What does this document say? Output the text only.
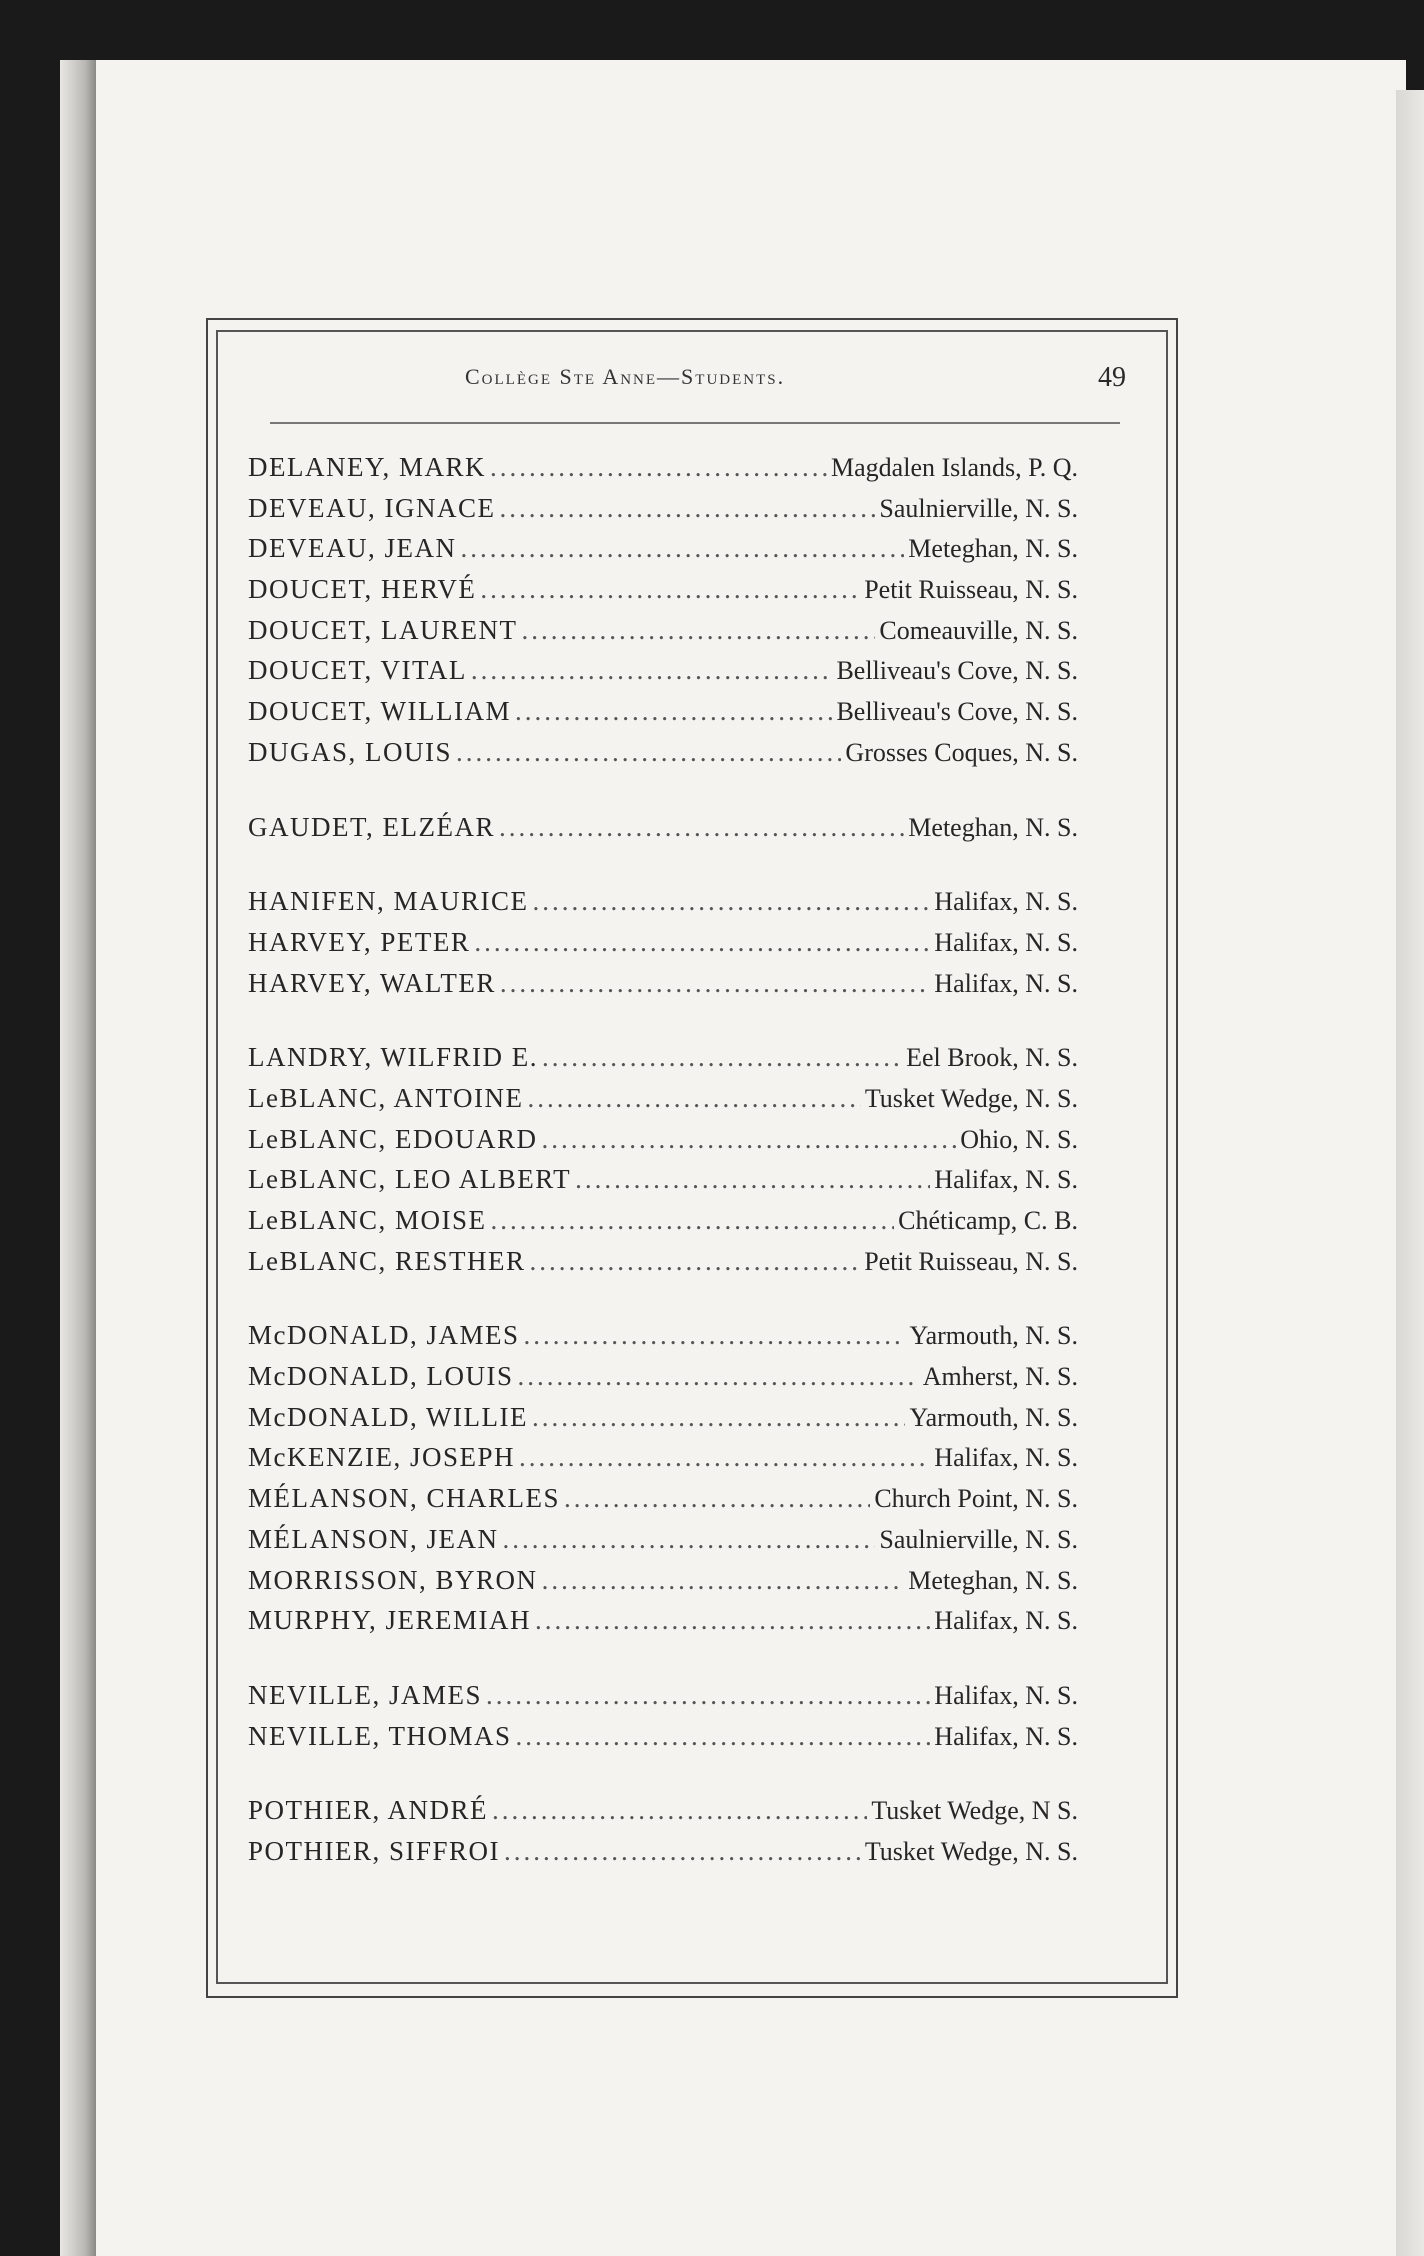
Collège Ste Anne—Students.	49
DELANEY, MARK .....	Magdalen Islands, P. Q.
DEVEAU, IGNACE .....	Saulnierville, N. S.
DEVEAU, JEAN .....	Meteghan, N. S.
DOUCET, HERVÉ .....	Petit Ruisseau, N. S.
DOUCET, LAURENT .....	Comeauville, N. S.
DOUCET, VITAL .....	Belliveau's Cove, N. S.
DOUCET, WILLIAM .....	Belliveau's Cove, N. S.
DUGAS, LOUIS .....	Grosses Coques, N. S.
GAUDET, ELZÉAR .....	Meteghan, N. S.
HANIFEN, MAURICE .....	Halifax, N. S.
HARVEY, PETER .....	Halifax, N. S.
HARVEY, WALTER .....	Halifax, N. S.
LANDRY, WILFRID E. .....	Eel Brook, N. S.
LeBLANC, ANTOINE .....	Tusket Wedge, N. S.
LeBLANC, EDOUARD .....	Ohio, N. S.
LeBLANC, LEO ALBERT .....	Halifax, N. S.
LeBLANC, MOISE .....	Chéticamp, C. B.
LeBLANC, RESTHER .....	Petit Ruisseau, N. S.
McDONALD, JAMES .....	Yarmouth, N. S.
McDONALD, LOUIS .....	Amherst, N. S.
McDONALD, WILLIE .....	Yarmouth, N. S.
McKENZIE, JOSEPH .....	Halifax, N. S.
MÉLANSON, CHARLES .....	Church Point, N. S.
MÉLANSON, JEAN .....	Saulnierville, N. S.
MORRISSON, BYRON .....	Meteghan, N. S.
MURPHY, JEREMIAH .....	Halifax, N. S.
NEVILLE, JAMES .....	Halifax, N. S.
NEVILLE, THOMAS .....	Halifax, N. S.
POTHIER, ANDRÉ .....	Tusket Wedge, N S.
POTHIER, SIFFROI .....	Tusket Wedge, N. S.
